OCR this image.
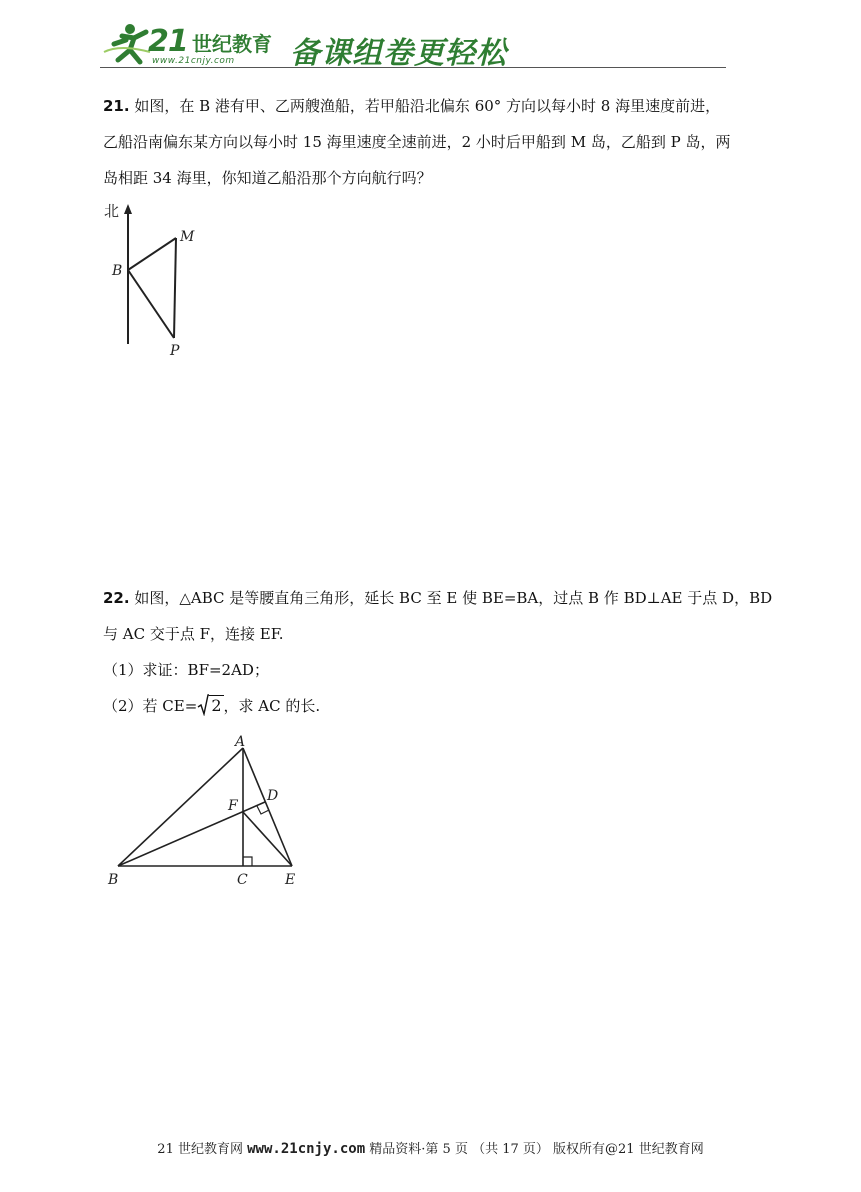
21 世纪教育
www.21cnjy.com 备课组卷更轻松
21. 如图，在 B 港有甲、乙两艘渔船，若甲船沿北偏东 60° 方向以每小时 8 海里速度前进，
乙船沿南偏东某方向以每小时 15 海里速度全速前进，2 小时后甲船到 M 岛，乙船到 P 岛，两
岛相距 34 海里，你知道乙船沿那个方向航行吗？
北
B
M
P
22. 如图，△ABC 是等腰直角三角形，延长 BC 至 E 使 BE=BA，过点 B 作 BD⊥AE 于点 D，BD
与 AC 交于点 F，连接 EF.
（1）求证：BF=2AD；
（2）若 CE= 2 ，求 AC 的长.
A
B	C
D
E
F
21 世纪教育网 www.21cnjy.com 精品资料·第 5 页 （共 17 页） 版权所有@21 世纪教育网
